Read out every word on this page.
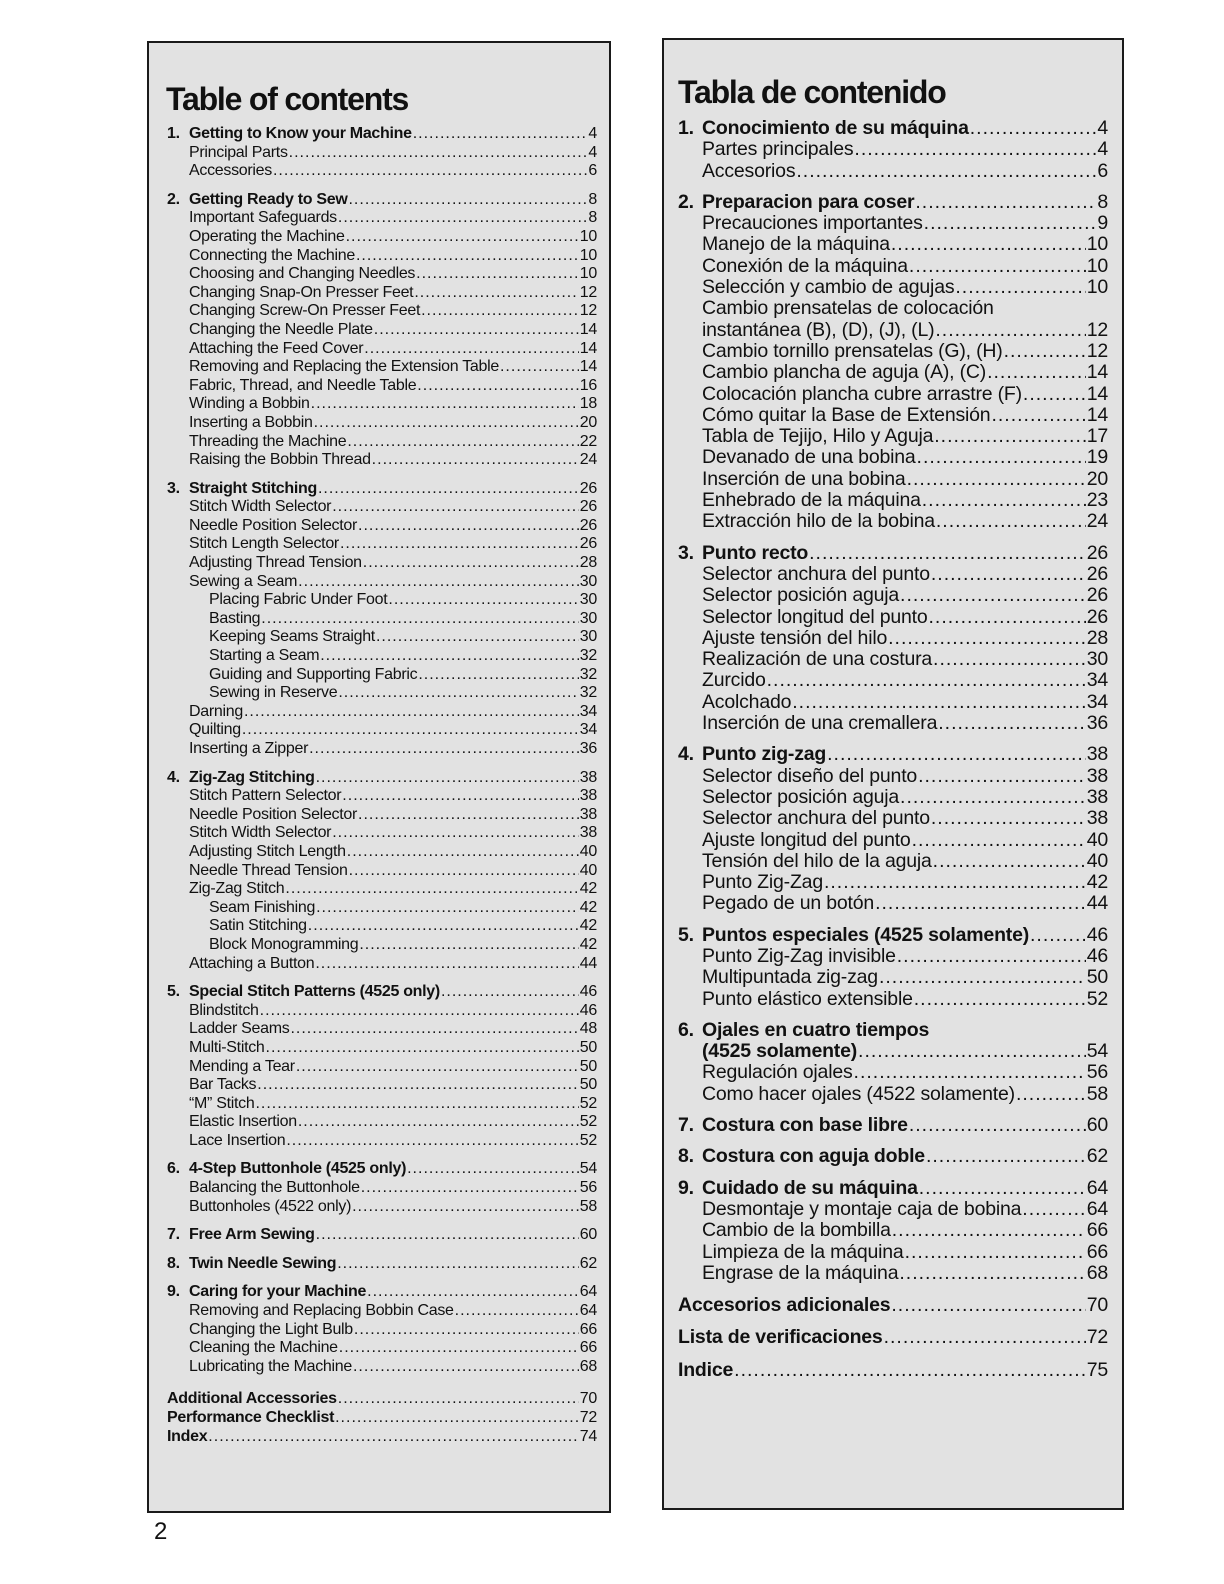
Table of contents
1. Getting to Know your Machine .....	4
Principal Parts .....	4
Accessories .....	6
2. Getting Ready to Sew .....	8
Important Safeguards .....	8
Operating the Machine .....	10
Connecting the Machine .....	10
Choosing and Changing Needles .....	10
Changing Snap-On Presser Feet .....	12
Changing Screw-On Presser Feet .....	12
Changing the Needle Plate .....	14
Attaching the Feed Cover .....	14
Removing and Replacing the Extension Table .....	14
Fabric, Thread, and Needle Table .....	16
Winding a Bobbin .....	18
Inserting a Bobbin .....	20
Threading the Machine .....	22
Raising the Bobbin Thread .....	24
3. Straight Stitching .....	26
Stitch Width Selector .....	26
Needle Position Selector .....	26
Stitch Length Selector .....	26
Adjusting Thread Tension .....	28
Sewing a Seam .....	30
Placing Fabric Under Foot .....	30
Basting .....	30
Keeping Seams Straight .....	30
Starting a Seam .....	32
Guiding and Supporting Fabric .....	32
Sewing in Reserve .....	32
Darning .....	34
Quilting .....	34
Inserting a Zipper .....	36
4. Zig-Zag Stitching .....	38
Stitch Pattern Selector .....	38
Needle Position Selector .....	38
Stitch Width Selector .....	38
Adjusting Stitch Length .....	40
Needle Thread Tension .....	40
Zig-Zag Stitch .....	42
Seam Finishing .....	42
Satin Stitching .....	42
Block Monogramming .....	42
Attaching a Button .....	44
5. Special Stitch Patterns (4525 only) .....	46
Blindstitch .....	46
Ladder Seams .....	48
Multi-Stitch .....	50
Mending a Tear .....	50
Bar Tacks .....	50
“M” Stitch .....	52
Elastic Insertion .....	52
Lace Insertion .....	52
6. 4-Step Buttonhole (4525 only) .....	54
Balancing the Buttonhole .....	56
Buttonholes (4522 only) .....	58
7. Free Arm Sewing .....	60
8. Twin Needle Sewing .....	62
9. Caring for your Machine .....	64
Removing and Replacing Bobbin Case .....	64
Changing the Light Bulb .....	66
Cleaning the Machine .....	66
Lubricating the Machine .....	68
Additional Accessories .....	70
Performance Checklist .....	72
Index .....	74
Tabla de contenido
1. Conocimiento de su máquina .....	4
Partes principales .....	4
Accesorios .....	6
2. Preparacion para coser .....	8
Precauciones importantes .....	9
Manejo de la máquina .....	10
Conexión de la máquina .....	10
Selección y cambio de agujas .....	10
Cambio prensatelas de colocación
instantánea (B), (D), (J), (L) .....	12
Cambio tornillo prensatelas (G), (H) .....	12
Cambio plancha de aguja (A), (C) .....	14
Colocación plancha cubre arrastre (F) .....	14
Cómo quitar la Base de Extensión .....	14
Tabla de Tejijo, Hilo y Aguja .....	17
Devanado de una bobina .....	19
Inserción de una bobina .....	20
Enhebrado de la máquina .....	23
Extracción hilo de la bobina .....	24
3. Punto recto .....	26
Selector anchura del punto .....	26
Selector posición aguja .....	26
Selector longitud del punto .....	26
Ajuste tensión del hilo .....	28
Realización de una costura .....	30
Zurcido .....	34
Acolchado .....	34
Inserción de una cremallera .....	36
4. Punto zig-zag .....	38
Selector diseño del punto .....	38
Selector posición aguja .....	38
Selector anchura del punto .....	38
Ajuste longitud del punto .....	40
Tensión del hilo de la aguja .....	40
Punto Zig-Zag .....	42
Pegado de un botón .....	44
5. Puntos especiales (4525 solamente) .....	46
Punto Zig-Zag invisible .....	46
Multipuntada zig-zag .....	50
Punto elástico extensible .....	52
6. Ojales en cuatro tiempos
(4525 solamente) .....	54
Regulación ojales .....	56
Como hacer ojales (4522 solamente) .....	58
7. Costura con base libre .....	60
8. Costura con aguja doble .....	62
9. Cuidado de su máquina .....	64
Desmontaje y montaje caja de bobina .....	64
Cambio de la bombilla .....	66
Limpieza de la máquina .....	66
Engrase de la máquina .....	68
Accesorios adicionales .....	70
Lista de verificaciones .....	72
Indice .....	75
2
